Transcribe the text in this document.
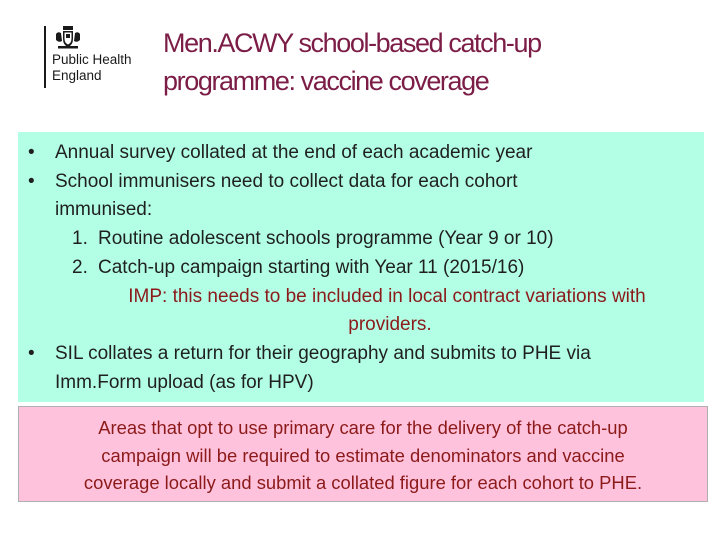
Public Health
England
Men.ACWY school-based catch-up
programme: vaccine coverage
•	Annual survey collated at the end of each academic year
•	School immunisers need to collect data for each cohort
immunised:
1. Routine adolescent schools programme (Year 9 or 10)
2. Catch-up campaign starting with Year 11 (2015/16)
IMP: this needs to be included in local contract variations with
providers.
•	SIL collates a return for their geography and submits to PHE via
Imm.Form upload (as for HPV)
Areas that opt to use primary care for the delivery of the catch-up
campaign will be required to estimate denominators and vaccine
coverage locally and submit a collated figure for each cohort to PHE.
